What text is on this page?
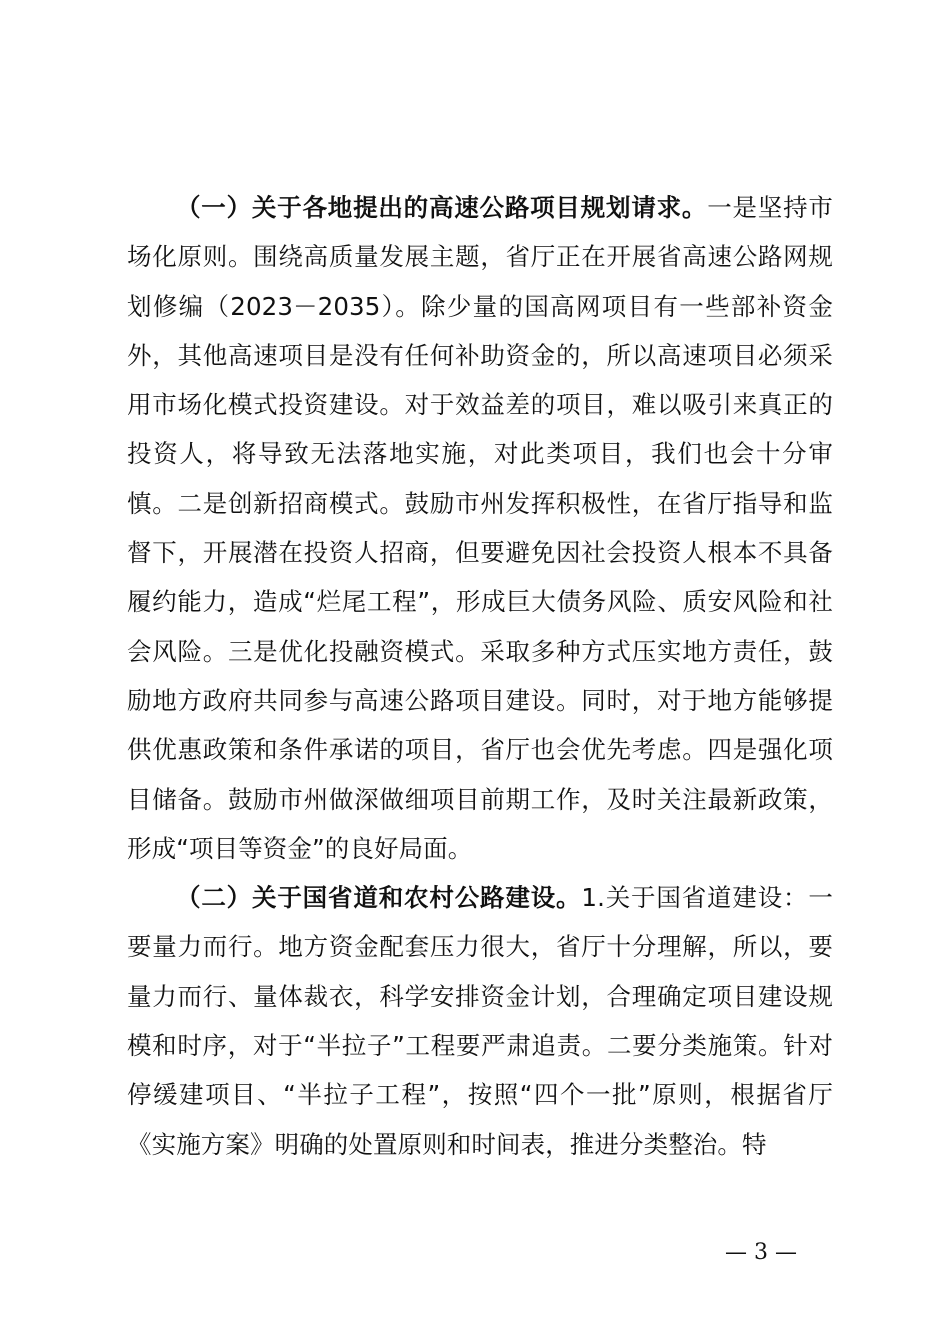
（一）关于各地提出的高速公路项目规划请求。一是坚持市场化原则。围绕高质量发展主题，省厅正在开展省高速公路网规划修编（2023－2035）。除少量的国高网项目有一些部补资金外，其他高速项目是没有任何补助资金的，所以高速项目必须采用市场化模式投资建设。对于效益差的项目，难以吸引来真正的投资人，将导致无法落地实施，对此类项目，我们也会十分审慎。二是创新招商模式。鼓励市州发挥积极性，在省厅指导和监督下，开展潜在投资人招商，但要避免因社会投资人根本不具备履约能力，造成“烂尾工程”，形成巨大债务风险、质安风险和社会风险。三是优化投融资模式。采取多种方式压实地方责任，鼓励地方政府共同参与高速公路项目建设。同时，对于地方能够提供优惠政策和条件承诺的项目，省厅也会优先考虑。四是强化项目储备。鼓励市州做深做细项目前期工作，及时关注最新政策，形成“项目等资金”的良好局面。

（二）关于国省道和农村公路建设。1.关于国省道建设：一要量力而行。地方资金配套压力很大，省厅十分理解，所以，要量力而行、量体裁衣，科学安排资金计划，合理确定项目建设规模和时序，对于“半拉子”工程要严肃追责。二要分类施策。针对停缓建项目、“半拉子工程”，按照“四个一批”原则，根据省厅《实施方案》明确的处置原则和时间表，推进分类整治。特

— 3 —
